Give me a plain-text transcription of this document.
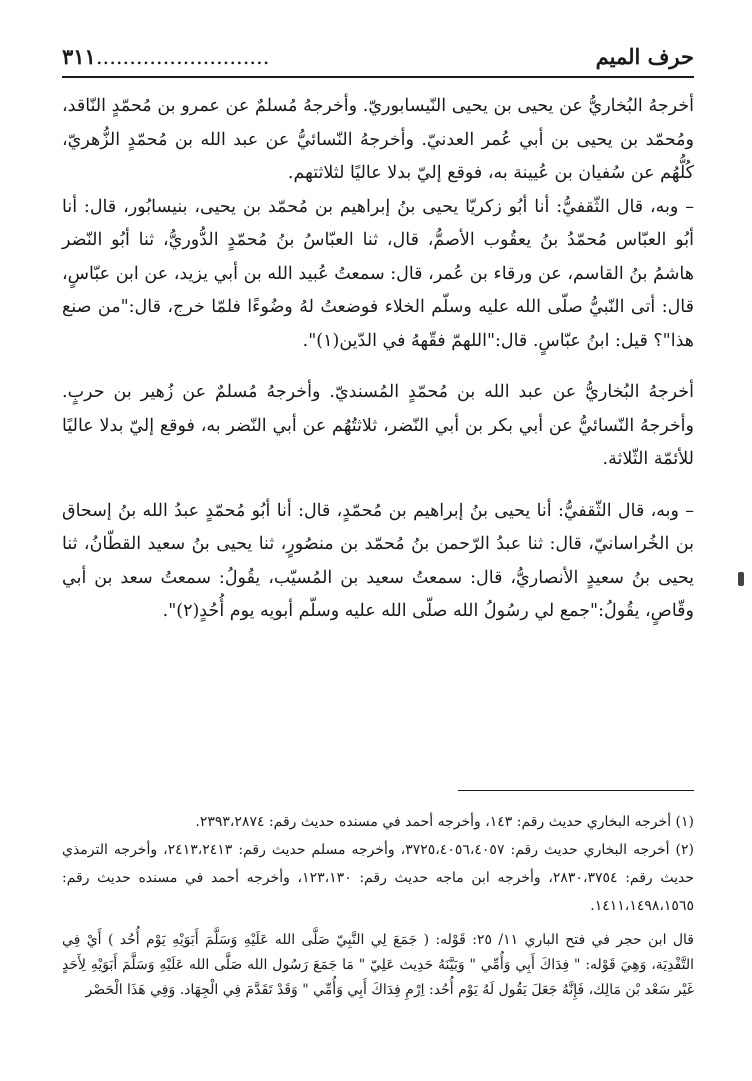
حرف الميم
٣١١..........................

أخرجهُ البُخاريُّ عن يحيى بن يحيى النّيسابوريّ. وأخرجهُ مُسلمٌ عن عمرو بن مُحمّدٍ النّاقد، ومُحمّد بن يحيى بن أبي عُمر العدنيّ. وأخرجهُ النّسائيُّ عن عبد الله بن مُحمّدٍ الزُّهريّ، كُلُّهُم عن سُفيان بن عُيينة به، فوقع إليّ بدلا عاليًا لثلاثتهم.

– وبه، قال الثّقفيُّ: أنا أبُو زكريّا يحيى بنُ إبراهيم بن مُحمّد بن يحيى، بنيسابُور، قال: أنا أبُو العبّاس مُحمّدُ بنُ يعقُوب الأصمُّ، قال، ثنا العبّاسُ بنُ مُحمّدٍ الدُّوريُّ، ثنا أبُو النّضر هاشمُ بنُ القاسم، عن ورقاء بن عُمر، قال: سمعتُ عُبيد الله بن أبي يزيد، عن ابن عبّاسٍ، قال: أتى النّبيُّ صلّى الله عليه وسلّم الخلاء فوضعتُ لهُ وضُوءًا فلمّا خرج، قال:"من صنع هذا"؟ قيل: ابنُ عبّاسٍ. قال:"اللهمّ فقّههُ في الدّين(١)".

أخرجهُ البُخاريُّ عن عبد الله بن مُحمّدٍ المُسنديّ. وأخرجهُ مُسلمٌ عن زُهير بن حربٍ. وأخرجهُ النّسائيُّ عن أبي بكر بن أبي النّضر، ثلاثتُهُم عن أبي النّضر به، فوقع إليّ بدلا عاليًا للأئمّة الثّلاثة.

– وبه، قال الثّقفيُّ: أنا يحيى بنُ إبراهيم بن مُحمّدٍ، قال: أنا أبُو مُحمّدٍ عبدُ الله بنُ إسحاق بن الخُراسانيّ، قال: ثنا عبدُ الرّحمن بنُ مُحمّد بن منصُورٍ، ثنا يحيى بنُ سعيد القطّانُ، ثنا يحيى بنُ سعيدٍ الأنصاريُّ، قال: سمعتُ سعيد بن المُسيّب، يقُولُ: سمعتُ سعد بن أبي وقّاصٍ، يقُولُ:"جمع لي رسُولُ الله صلّى الله عليه وسلّم أبويه يوم أُحُدٍ(٢)".

(١) أخرجه البخاري حديث رقم: ١٤٣، وأخرجه أحمد في مسنده حديث رقم: ٢٣٩٣،٢٨٧٤.

(٢) أخرجه البخاري حديث رقم: ٣٧٢٥،٤٠٥٦،٤٠٥٧، وأخرجه مسلم حديث رقم: ٢٤١٣،٢٤١٣، وأخرجه الترمذي حديث رقم: ٢٨٣٠،٣٧٥٤، وأخرجه ابن ماجه حديث رقم: ١٢٣،١٣٠، وأخرجه أحمد في مسنده حديث رقم: ١٤١١،١٤٩٨،١٥٦٥.

قال ابن حجر في فتح الباري ١١/ ٢٥: قَوْله: ( جَمَعَ لِي النَّبِيّ صَلَّى الله عَلَيْهِ وَسَلَّمَ أَبَوَيْهِ يَوْم أُحُد ) أَيْ فِي التَّفْدِيَة، وَهِيَ قَوْله: " فِدَاكَ أَبِي وَأُمِّي " وَبَيَّنَهُ حَدِيث عَلِيّ " مَا جَمَعَ رَسُول الله صَلَّى الله عَلَيْهِ وَسَلَّمَ أَبَوَيْهِ لِأَحَدٍ غَيْر سَعْد بْن مَالِك، فَإِنَّهُ جَعَلَ يَقُول لَهُ يَوْم أُحُد: اِرْمِ فِدَاكَ أَبِي وَأُمِّي " وَقَدْ تَقَدَّمَ فِي الْجِهَاد. وَفِي هَذَا الْحَصْر
